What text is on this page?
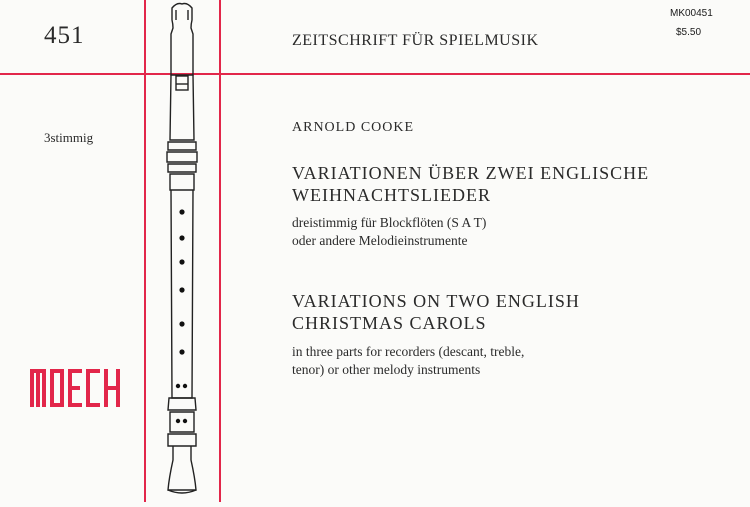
451	ZEITSCHRIFT FÜR SPIELMUSIK
MK00451
$5.50
3stimmig
ARNOLD COOKE
VARIATIONEN ÜBER ZWEI ENGLISCHE
WEIHNACHTSLIEDER
dreistimmig für Blockflöten (S A T)
oder andere Melodieinstrumente
VARIATIONS ON TWO ENGLISH
CHRISTMAS CAROLS
in three parts for recorders (descant, treble,
tenor) or other melody instruments
